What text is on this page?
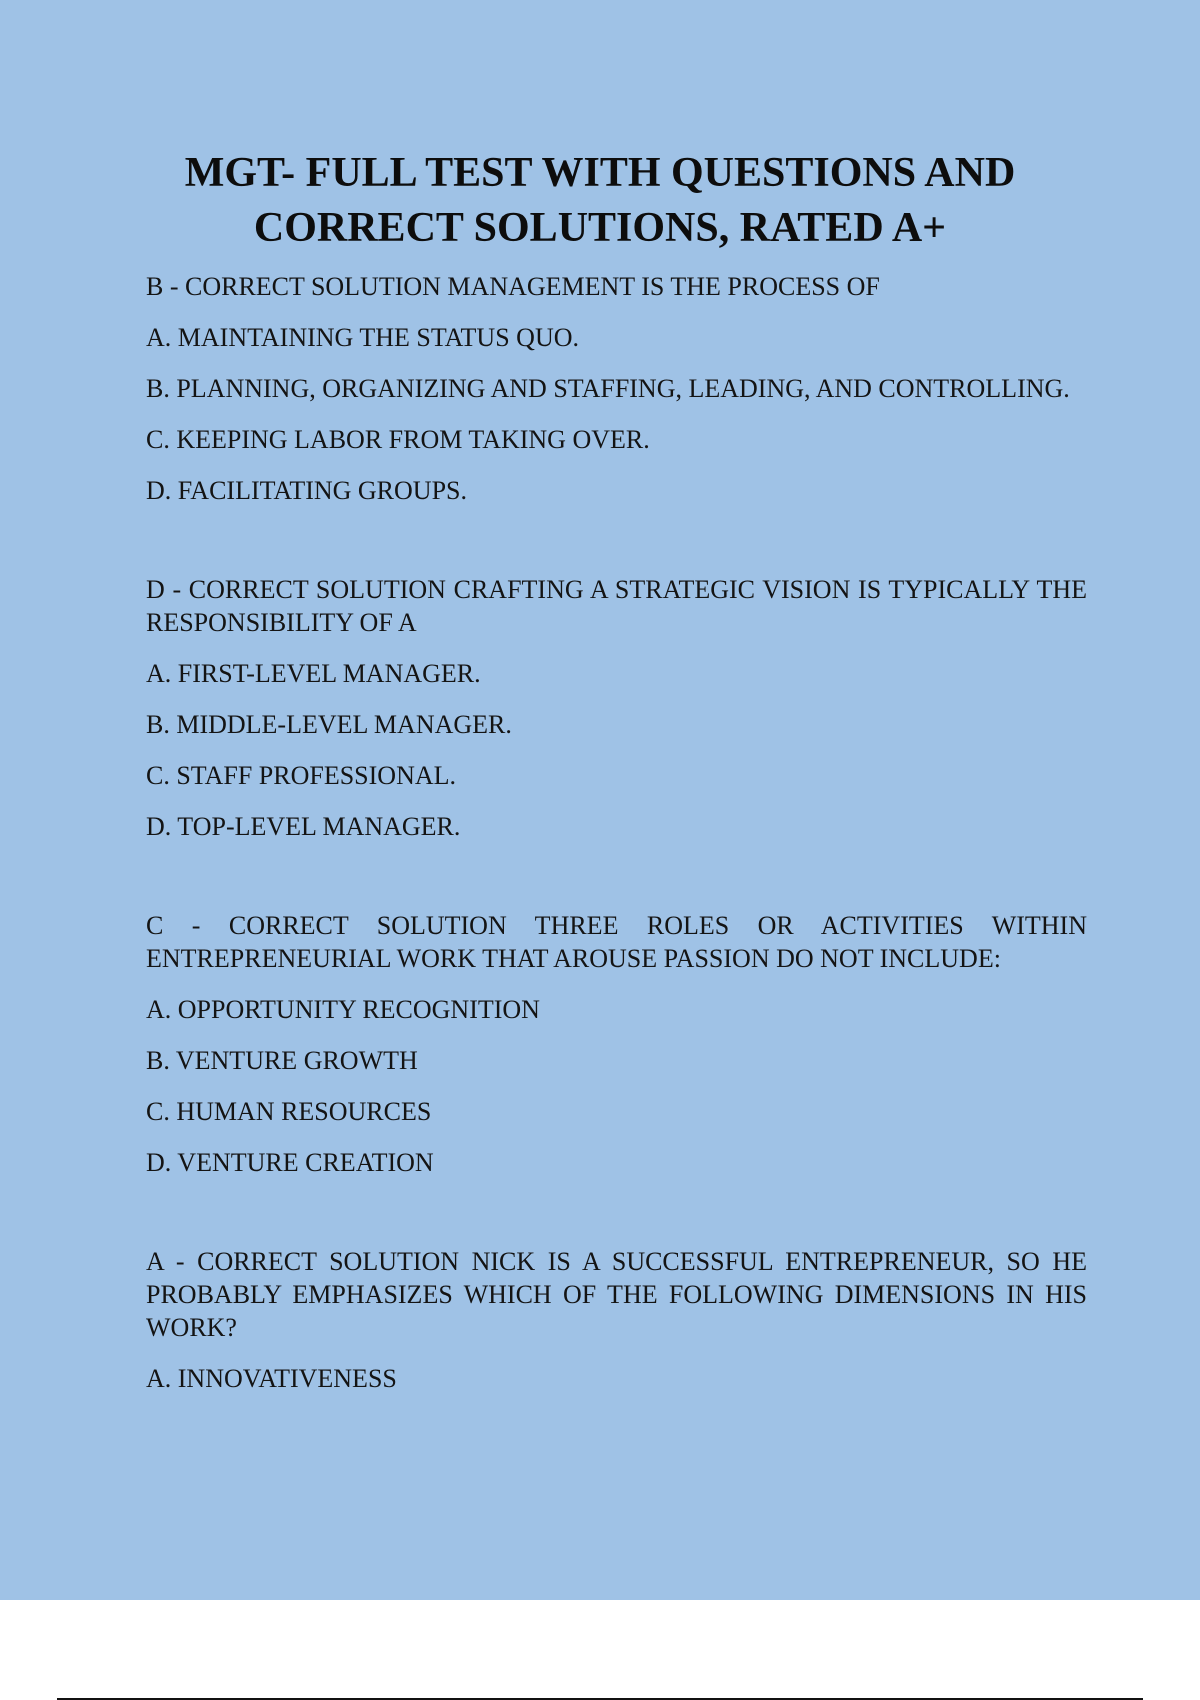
MGT- FULL TEST WITH QUESTIONS AND
CORRECT SOLUTIONS, RATED A+

B - CORRECT SOLUTION MANAGEMENT IS THE PROCESS OF

A. MAINTAINING THE STATUS QUO.

B. PLANNING, ORGANIZING AND STAFFING, LEADING, AND CONTROLLING.

C. KEEPING LABOR FROM TAKING OVER.

D. FACILITATING GROUPS.

D - CORRECT SOLUTION CRAFTING A STRATEGIC VISION IS TYPICALLY THE RESPONSIBILITY OF A

A. FIRST-LEVEL MANAGER.

B. MIDDLE-LEVEL MANAGER.

C. STAFF PROFESSIONAL.

D. TOP-LEVEL MANAGER.

C - CORRECT SOLUTION THREE ROLES OR ACTIVITIES WITHIN ENTREPRENEURIAL WORK THAT AROUSE PASSION DO NOT INCLUDE:

A. OPPORTUNITY RECOGNITION

B. VENTURE GROWTH

C. HUMAN RESOURCES

D. VENTURE CREATION

A - CORRECT SOLUTION NICK IS A SUCCESSFUL ENTREPRENEUR, SO HE PROBABLY EMPHASIZES WHICH OF THE FOLLOWING DIMENSIONS IN HIS WORK?

A. INNOVATIVENESS
